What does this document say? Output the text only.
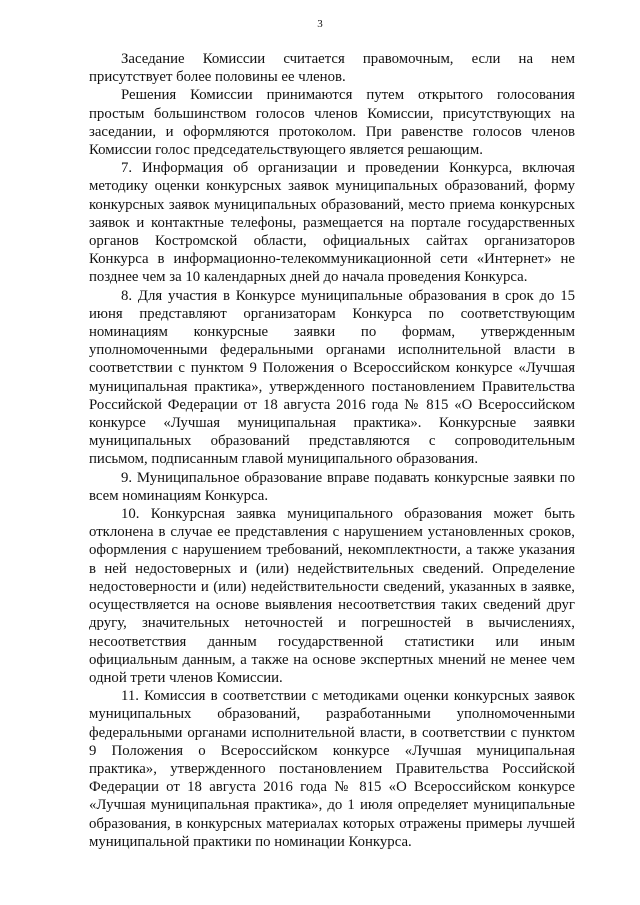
3

Заседание Комиссии считается правомочным, если на нем присутствует более половины ее членов.

Решения Комиссии принимаются путем открытого голосования простым большинством голосов членов Комиссии, присутствующих на заседании, и оформляются протоколом. При равенстве голосов членов Комиссии голос председательствующего является решающим.

7. Информация об организации и проведении Конкурса, включая методику оценки конкурсных заявок муниципальных образований, форму конкурсных заявок муниципальных образований, место приема конкурсных заявок и контактные телефоны, размещается на портале государственных органов Костромской области, официальных сайтах организаторов Конкурса в информационно-телекоммуникационной сети «Интернет» не позднее чем за 10 календарных дней до начала проведения Конкурса.

8. Для участия в Конкурсе муниципальные образования в срок до 15 июня представляют организаторам Конкурса по соответствующим номинациям конкурсные заявки по формам, утвержденным уполномоченными федеральными органами исполнительной власти в соответствии с пунктом 9 Положения о Всероссийском конкурсе «Лучшая муниципальная практика», утвержденного постановлением Правительства Российской Федерации от 18 августа 2016 года № 815 «О Всероссийском конкурсе «Лучшая муниципальная практика». Конкурсные заявки муниципальных образований представляются с сопроводительным письмом, подписанным главой муниципального образования.

9. Муниципальное образование вправе подавать конкурсные заявки по всем номинациям Конкурса.

10. Конкурсная заявка муниципального образования может быть отклонена в случае ее представления с нарушением установленных сроков, оформления с нарушением требований, некомплектности, а также указания в ней недостоверных и (или) недействительных сведений. Определение недостоверности и (или) недействительности сведений, указанных в заявке, осуществляется на основе выявления несоответствия таких сведений друг другу, значительных неточностей и погрешностей в вычислениях, несоответствия данным государственной статистики или иным официальным данным, а также на основе экспертных мнений не менее чем одной трети членов Комиссии.

11. Комиссия в соответствии с методиками оценки конкурсных заявок муниципальных образований, разработанными уполномоченными федеральными органами исполнительной власти, в соответствии с пунктом 9 Положения о Всероссийском конкурсе «Лучшая муниципальная практика», утвержденного постановлением Правительства Российской Федерации от 18 августа 2016 года № 815 «О Всероссийском конкурсе «Лучшая муниципальная практика», до 1 июля определяет муниципальные образования, в конкурсных материалах которых отражены примеры лучшей муниципальной практики по номинации Конкурса.
